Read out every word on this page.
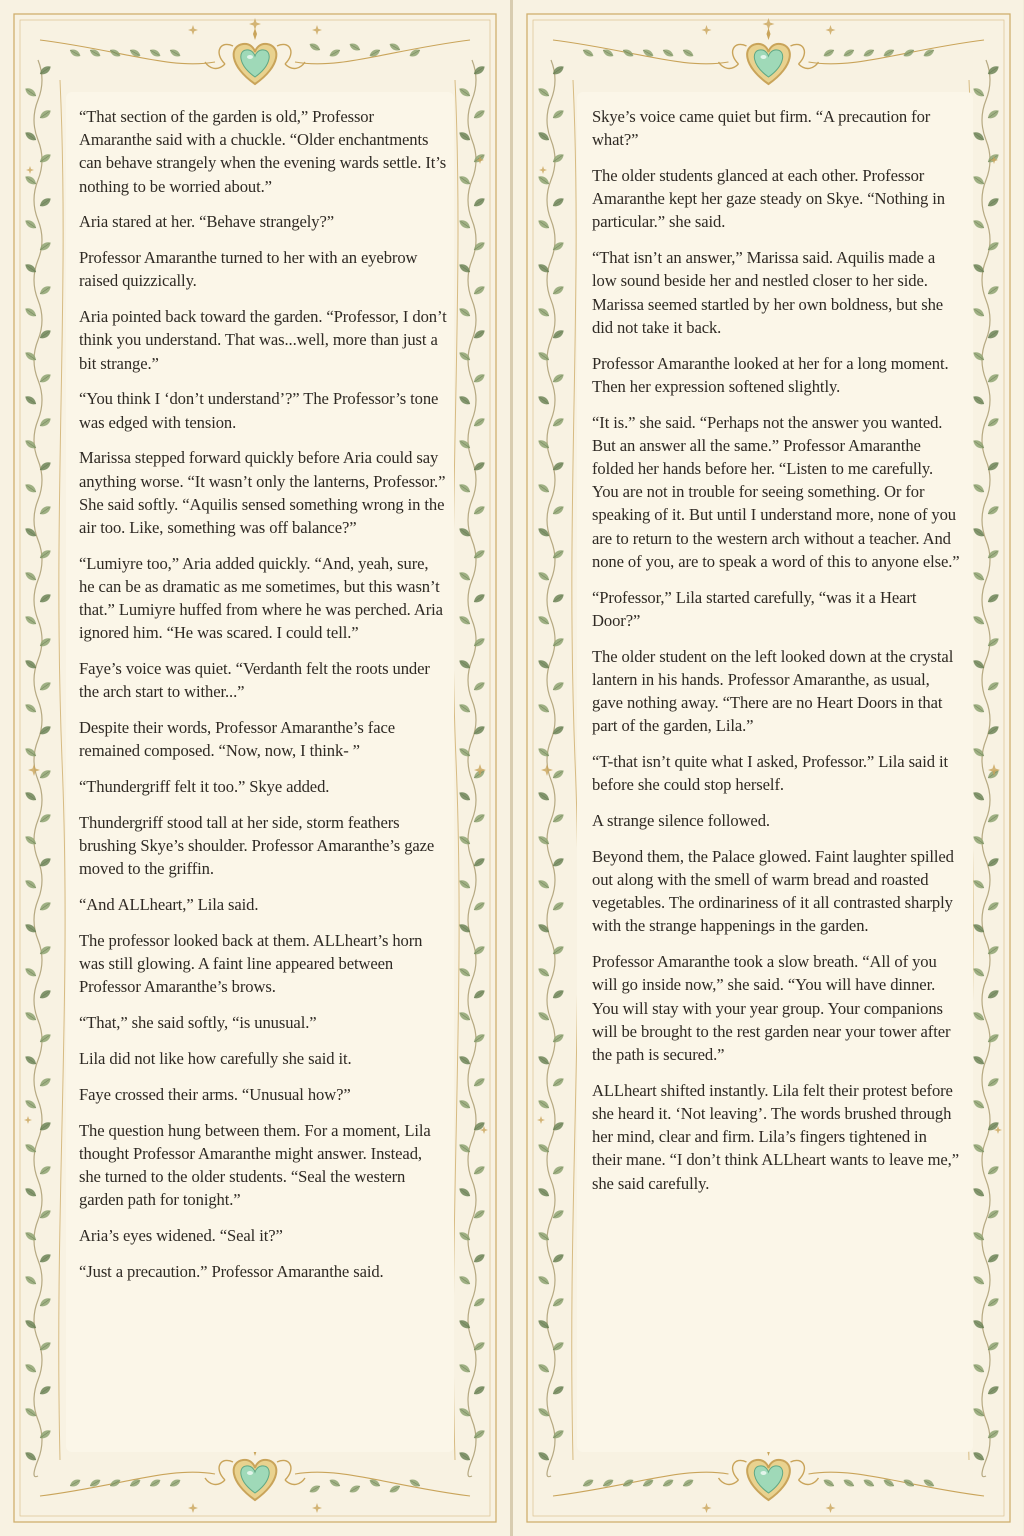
“That section of the garden is old,” Professor Amaranthe said with a chuckle. “Older enchantments can behave strangely when the evening wards settle. It’s nothing to be worried about.”

Aria stared at her. “Behave strangely?”

Professor Amaranthe turned to her with an eyebrow raised quizzically.

Aria pointed back toward the garden. “Professor, I don’t think you understand. That was...well, more than just a bit strange.”

“You think I ‘don’t understand’?” The Professor’s tone was edged with tension.

Marissa stepped forward quickly before Aria could say anything worse. “It wasn’t only the lanterns, Professor.” She said softly. “Aquilis sensed something wrong in the air too. Like, something was off balance?”

“Lumiyre too,” Aria added quickly. “And, yeah, sure, he can be as dramatic as me sometimes, but this wasn’t that.” Lumiyre huffed from where he was perched. Aria ignored him. “He was scared. I could tell.”

Faye’s voice was quiet. “Verdanth felt the roots under the arch start to wither...”

Despite their words, Professor Amaranthe’s face remained composed. “Now, now, I think- ”

“Thundergriff felt it too.” Skye added.

Thundergriff stood tall at her side, storm feathers brushing Skye’s shoulder. Professor Amaranthe’s gaze moved to the griffin.

“And ALLheart,” Lila said.

The professor looked back at them. ALLheart’s horn was still glowing. A faint line appeared between Professor Amaranthe’s brows.

“That,” she said softly, “is unusual.”

Lila did not like how carefully she said it.

Faye crossed their arms. “Unusual how?”

The question hung between them. For a moment, Lila thought Professor Amaranthe might answer. Instead, she turned to the older students. “Seal the western garden path for tonight.”

Aria’s eyes widened. “Seal it?”

“Just a precaution.” Professor Amaranthe said.

Skye’s voice came quiet but firm. “A precaution for what?”

The older students glanced at each other. Professor Amaranthe kept her gaze steady on Skye. “Nothing in particular.” she said.

“That isn’t an answer,” Marissa said. Aquilis made a low sound beside her and nestled closer to her side. Marissa seemed startled by her own boldness, but she did not take it back.

Professor Amaranthe looked at her for a long moment. Then her expression softened slightly.

“It is.” she said. “Perhaps not the answer you wanted. But an answer all the same.” Professor Amaranthe folded her hands before her. “Listen to me carefully. You are not in trouble for seeing something. Or for speaking of it. But until I understand more, none of you are to return to the western arch without a teacher. And none of you, are to speak a word of this to anyone else.”

“Professor,” Lila started carefully, “was it a Heart Door?”

The older student on the left looked down at the crystal lantern in his hands. Professor Amaranthe, as usual, gave nothing away. “There are no Heart Doors in that part of the garden, Lila.”

“T-that isn’t quite what I asked, Professor.” Lila said it before she could stop herself.

A strange silence followed.

Beyond them, the Palace glowed. Faint laughter spilled out along with the smell of warm bread and roasted vegetables. The ordinariness of it all contrasted sharply with the strange happenings in the garden.

Professor Amaranthe took a slow breath. “All of you will go inside now,” she said. “You will have dinner. You will stay with your year group. Your companions will be brought to the rest garden near your tower after the path is secured.”

ALLheart shifted instantly. Lila felt their protest before she heard it. ‘Not leaving’. The words brushed through her mind, clear and firm. Lila’s fingers tightened in their mane. “I don’t think ALLheart wants to leave me,” she said carefully.
